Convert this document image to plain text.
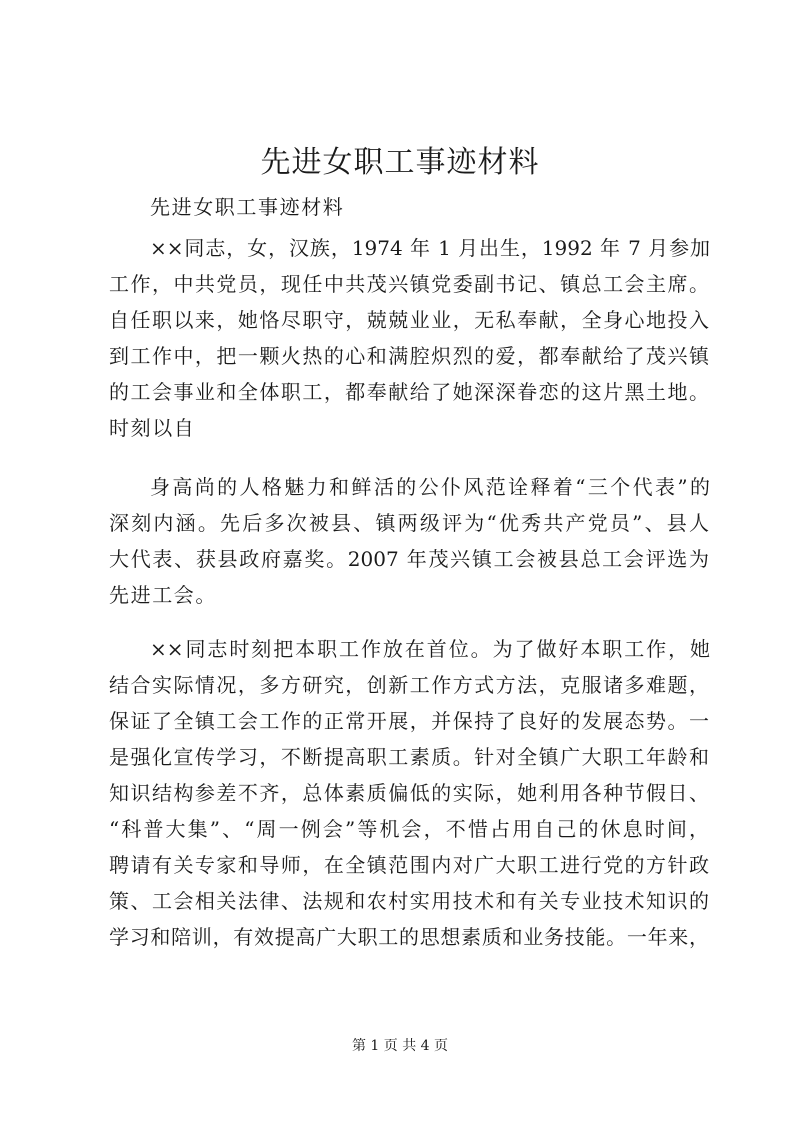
先进女职工事迹材料

先进女职工事迹材料

××同志，女，汉族，1974 年 1 月出生，1992 年 7 月参加

工作，中共党员，现任中共茂兴镇党委副书记、镇总工会主席。

自任职以来，她恪尽职守，兢兢业业，无私奉献，全身心地投入

到工作中，把一颗火热的心和满腔炽烈的爱，都奉献给了茂兴镇

的工会事业和全体职工，都奉献给了她深深眷恋的这片黑土地。

时刻以自

身高尚的人格魅力和鲜活的公仆风范诠释着“三个代表”的

深刻内涵。先后多次被县、镇两级评为“优秀共产党员”、县人

大代表、获县政府嘉奖。2007 年茂兴镇工会被县总工会评选为

先进工会。

××同志时刻把本职工作放在首位。为了做好本职工作，她

结合实际情况，多方研究，创新工作方式方法，克服诸多难题，

保证了全镇工会工作的正常开展，并保持了良好的发展态势。一

是强化宣传学习，不断提高职工素质。针对全镇广大职工年龄和

知识结构参差不齐，总体素质偏低的实际，她利用各种节假日、

“科普大集”、“周一例会”等机会，不惜占用自己的休息时间，

聘请有关专家和导师，在全镇范围内对广大职工进行党的方针政

策、工会相关法律、法规和农村实用技术和有关专业技术知识的

学习和陪训，有效提高广大职工的思想素质和业务技能。一年来，

第 1 页 共 4 页
